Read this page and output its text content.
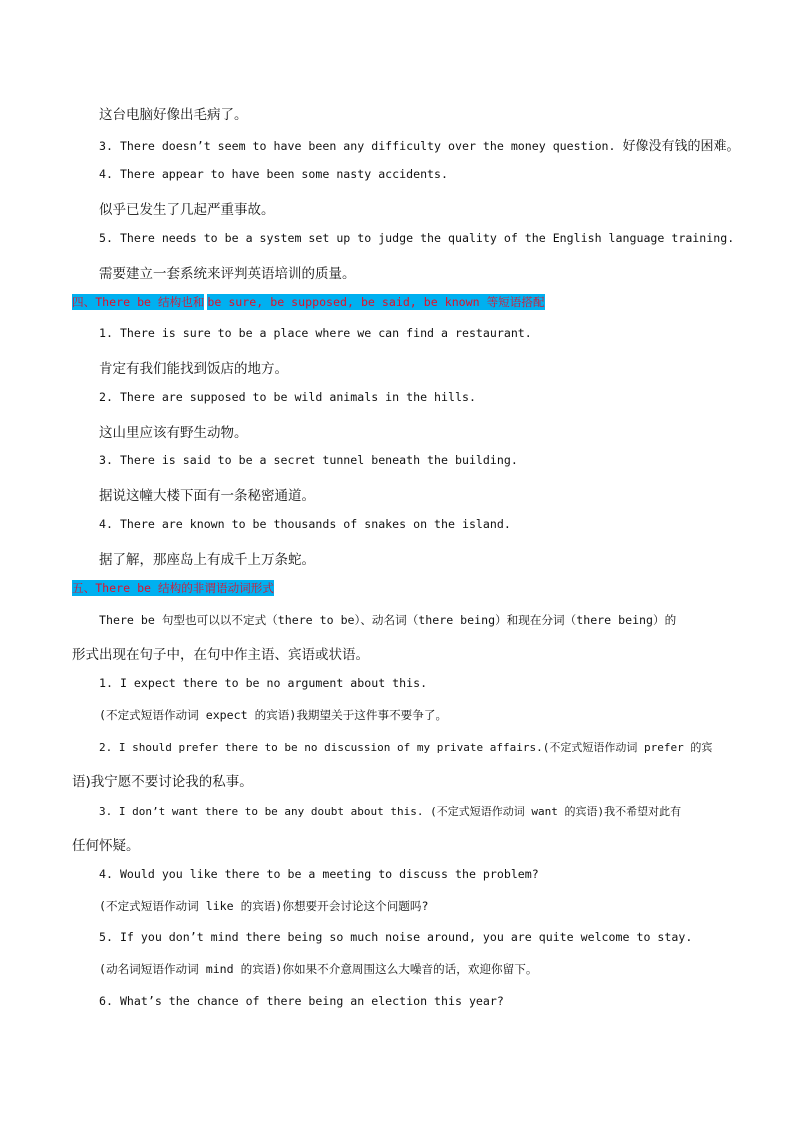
这台电脑好像出毛病了。
3. There doesn’t seem to have been any difficulty over the money question. 好像没有钱的困难。
4. There appear to have been some nasty accidents.
似乎已发生了几起严重事故。
5. There needs to be a system set up to judge the quality of the English language training.
需要建立一套系统来评判英语培训的质量。
四、There be 结构也和 be sure, be supposed, be said, be known 等短语搭配
1. There is sure to be a place where we can find a restaurant.
肯定有我们能找到饭店的地方。
2. There are supposed to be wild animals in the hills.
这山里应该有野生动物。
3. There is said to be a secret tunnel beneath the building.
据说这幢大楼下面有一条秘密通道。
4. There are known to be thousands of snakes on the island.
据了解，那座岛上有成千上万条蛇。
五、There be 结构的非谓语动词形式
There be 句型也可以以不定式（there to be）、动名词（there being）和现在分词（there being）的
形式出现在句子中，在句中作主语、宾语或状语。
1. I expect there to be no argument about this.
(不定式短语作动词 expect 的宾语)我期望关于这件事不要争了。
2. I should prefer there to be no discussion of my private affairs.(不定式短语作动词 prefer 的宾
语)我宁愿不要讨论我的私事。
3. I don’t want there to be any doubt about this. (不定式短语作动词 want 的宾语)我不希望对此有
任何怀疑。
4. Would you like there to be a meeting to discuss the problem?
(不定式短语作动词 like 的宾语)你想要开会讨论这个问题吗?
5. If you don’t mind there being so much noise around, you are quite welcome to stay.
(动名词短语作动词 mind 的宾语)你如果不介意周围这么大噪音的话，欢迎你留下。
6. What’s the chance of there being an election this year?
